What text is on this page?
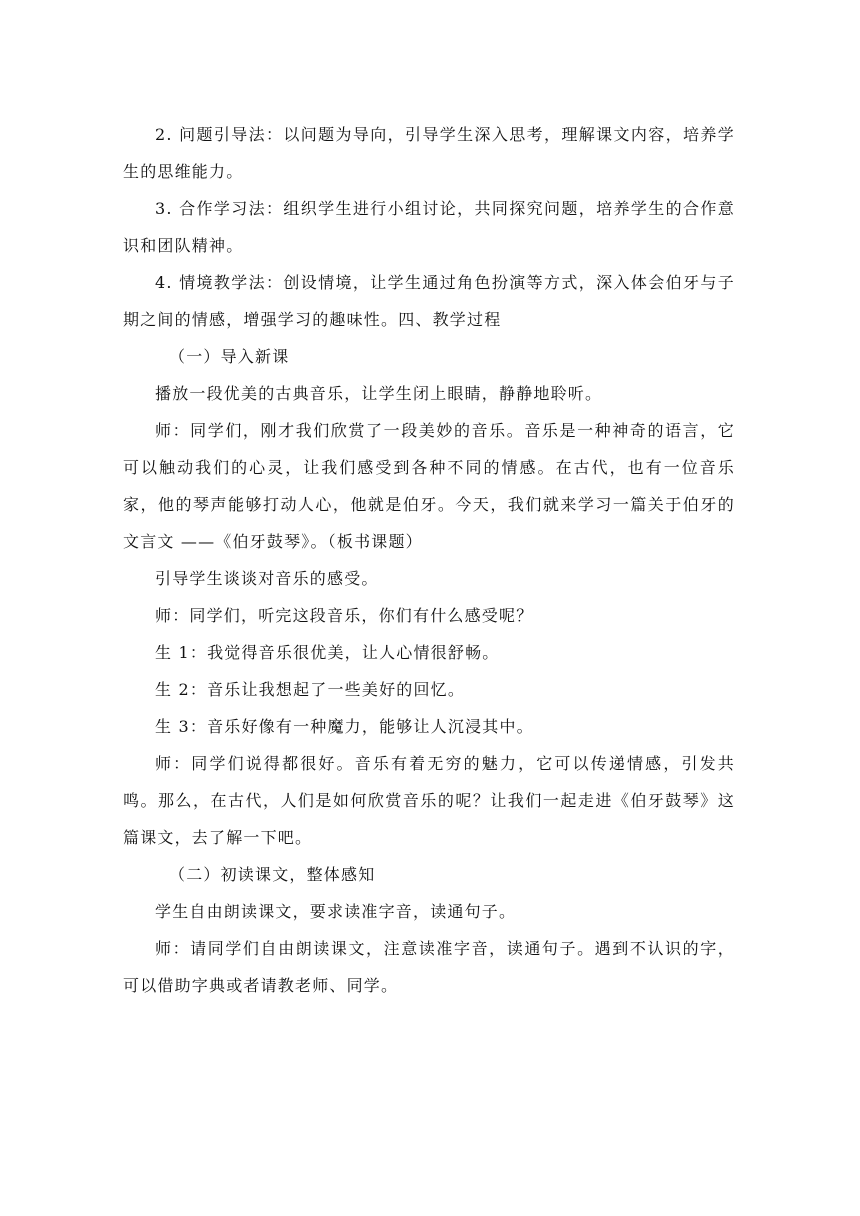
2. 问题引导法：以问题为导向，引导学生深入思考，理解课文内容，培养学生的思维能力。

3. 合作学习法：组织学生进行小组讨论，共同探究问题，培养学生的合作意识和团队精神。

4. 情境教学法：创设情境，让学生通过角色扮演等方式，深入体会伯牙与子期之间的情感，增强学习的趣味性。四、教学过程

（一）导入新课

播放一段优美的古典音乐，让学生闭上眼睛，静静地聆听。

师：同学们，刚才我们欣赏了一段美妙的音乐。音乐是一种神奇的语言，它可以触动我们的心灵，让我们感受到各种不同的情感。在古代，也有一位音乐家，他的琴声能够打动人心，他就是伯牙。今天，我们就来学习一篇关于伯牙的文言文 ——《伯牙鼓琴》。（板书课题）

引导学生谈谈对音乐的感受。

师：同学们，听完这段音乐，你们有什么感受呢？

生 1：我觉得音乐很优美，让人心情很舒畅。

生 2：音乐让我想起了一些美好的回忆。

生 3：音乐好像有一种魔力，能够让人沉浸其中。

师：同学们说得都很好。音乐有着无穷的魅力，它可以传递情感，引发共鸣。那么，在古代，人们是如何欣赏音乐的呢？让我们一起走进《伯牙鼓琴》这篇课文，去了解一下吧。

（二）初读课文，整体感知

学生自由朗读课文，要求读准字音，读通句子。

师：请同学们自由朗读课文，注意读准字音，读通句子。遇到不认识的字，可以借助字典或者请教老师、同学。
